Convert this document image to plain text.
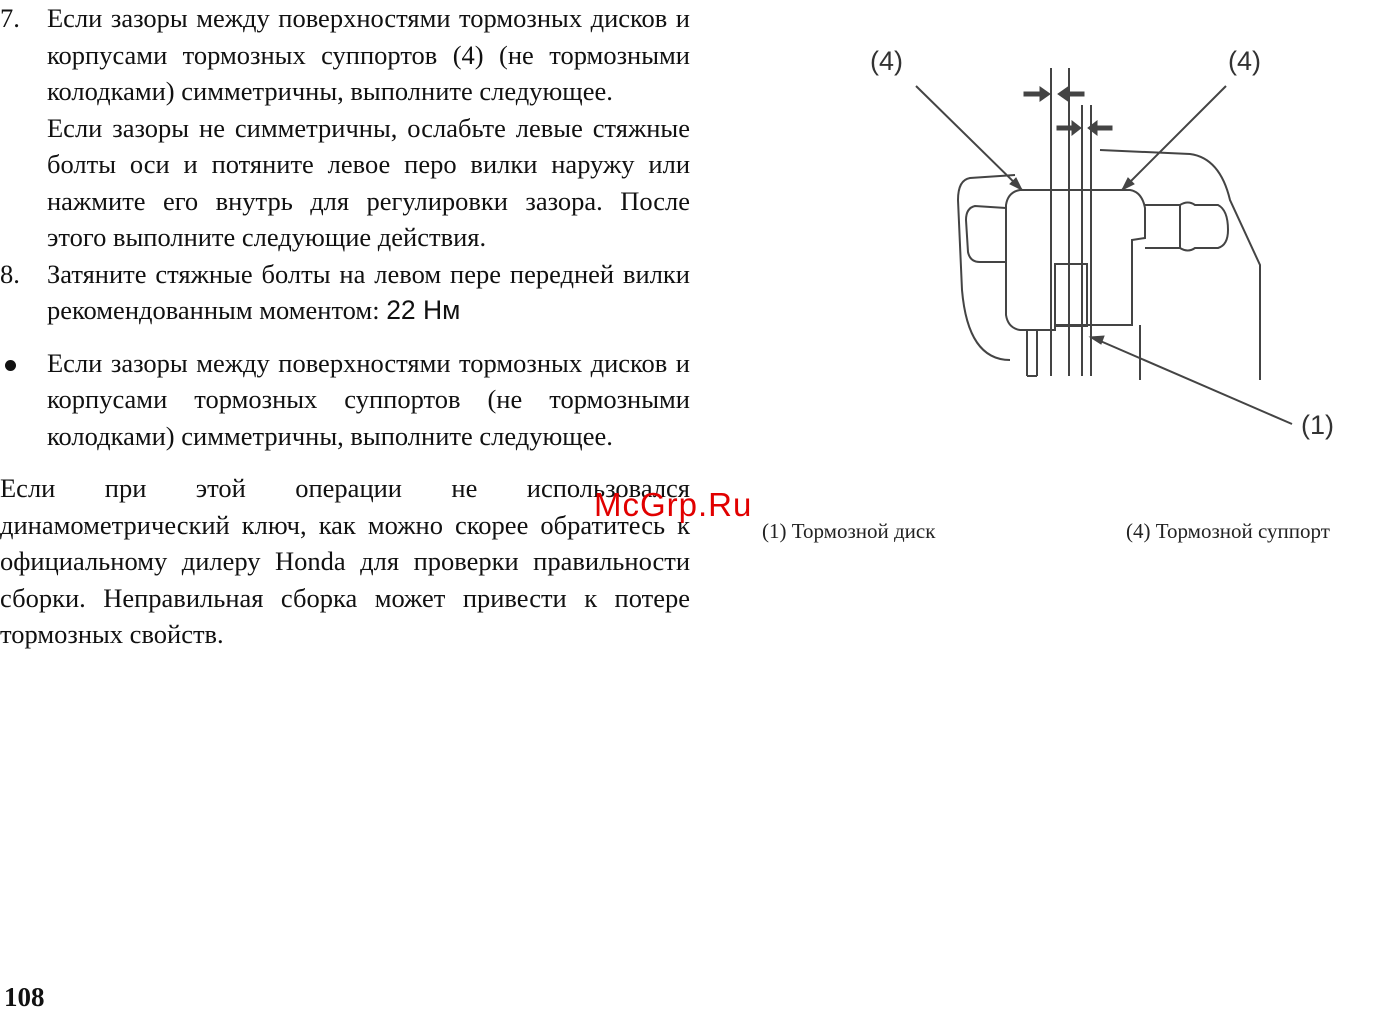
7. Если зазоры между поверхностями тормозных дисков и корпусами тормозных суппортов (4) (не тормозными колодками) симметричны, выполните следующее.

Если зазоры не симметричны, ослабьте левые стяжные болты оси и потяните левое перо вилки наружу или нажмите его внутрь для регулировки зазора. После этого выполните следующие действия.

8. Затяните стяжные болты на левом пере передней вилки рекомендованным моментом: 22 Нм

Если зазоры между поверхностями тормозных дисков и корпусами тормозных суппортов (не тормозными колодками) симметричны, выполните следующее.

Если при этой операции не использовался динамометрический ключ, как можно скорее обратитесь к официальному дилеру Honda для проверки правильности сборки. Неправильная сборка может привести к потере тормозных свойств.

(4)	(4)
(1)
(1) Тормозной диск	(4) Тормозной суппорт
McGrp.Ru
108
